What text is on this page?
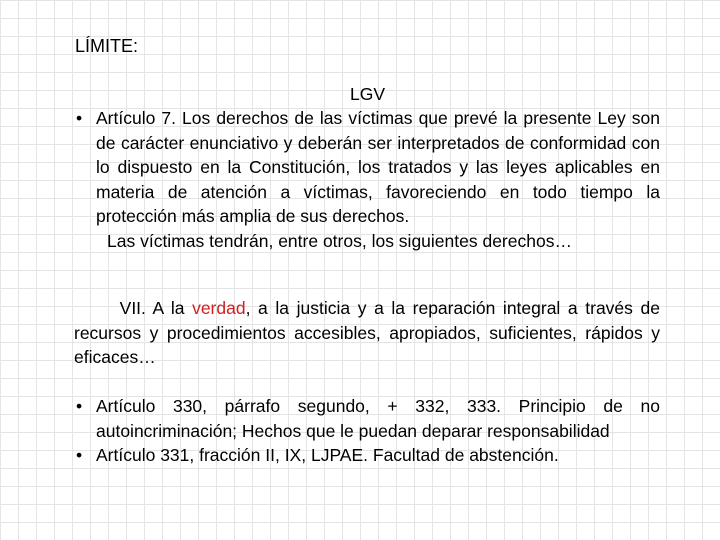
LÍMITE:
LGV
• Artículo 7. Los derechos de las víctimas que prevé la presente Ley son de carácter enunciativo y deberán ser interpretados de conformidad con lo dispuesto en la Constitución, los tratados y las leyes aplicables en materia de atención a víctimas, favoreciendo en todo tiempo la protección más amplia de sus derechos.
Las víctimas tendrán, entre otros, los siguientes derechos…
VII. A la verdad, a la justicia y a la reparación integral a través de recursos y procedimientos accesibles, apropiados, suficientes, rápidos y eficaces…
• Artículo 330, párrafo segundo, + 332, 333. Principio de no autoincriminación; Hechos que le puedan deparar responsabilidad
• Artículo 331, fracción II, IX, LJPAE. Facultad de abstención.
